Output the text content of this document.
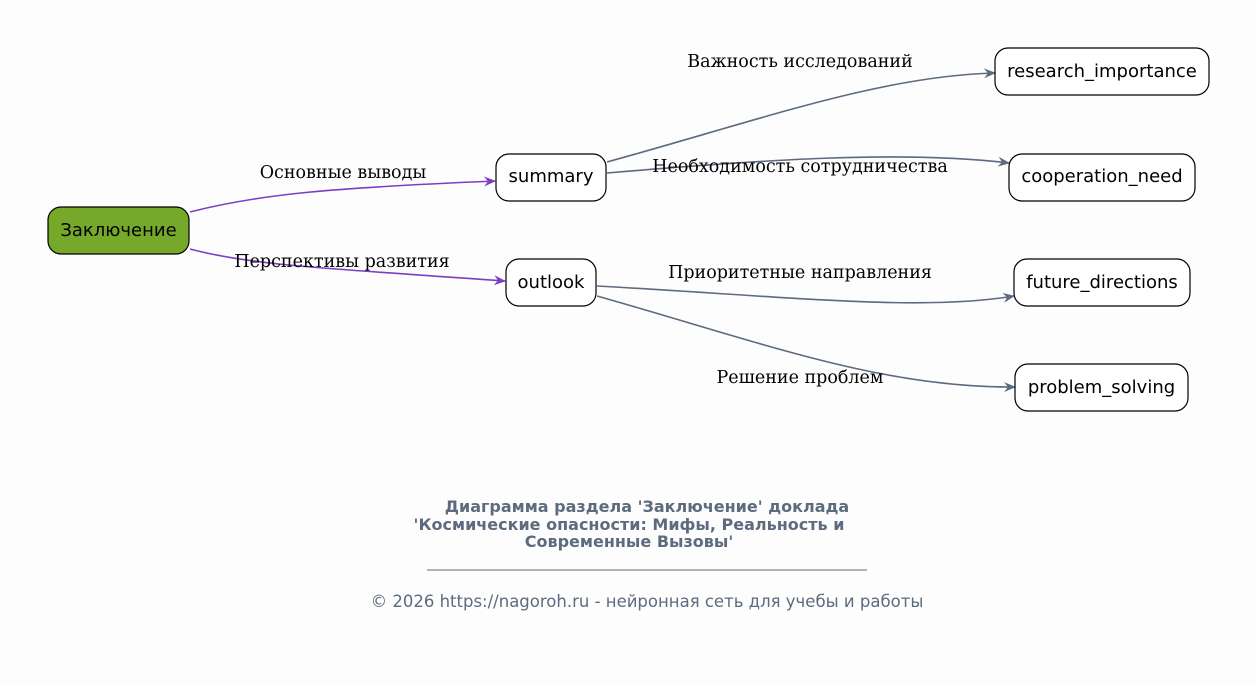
Основные выводы
Перспективы развития
Важность исследований
Необходимость сотрудничества
Приоритетные направления
Решение проблем
Заключение
summary
outlook
research_importance
cooperation_need
future_directions
problem_solving
Диаграмма раздела 'Заключение' доклада
'Космические опасности: Мифы, Реальность и
Современные Вызовы'
© 2026 https://nagoroh.ru - нейронная сеть для учебы и работы
